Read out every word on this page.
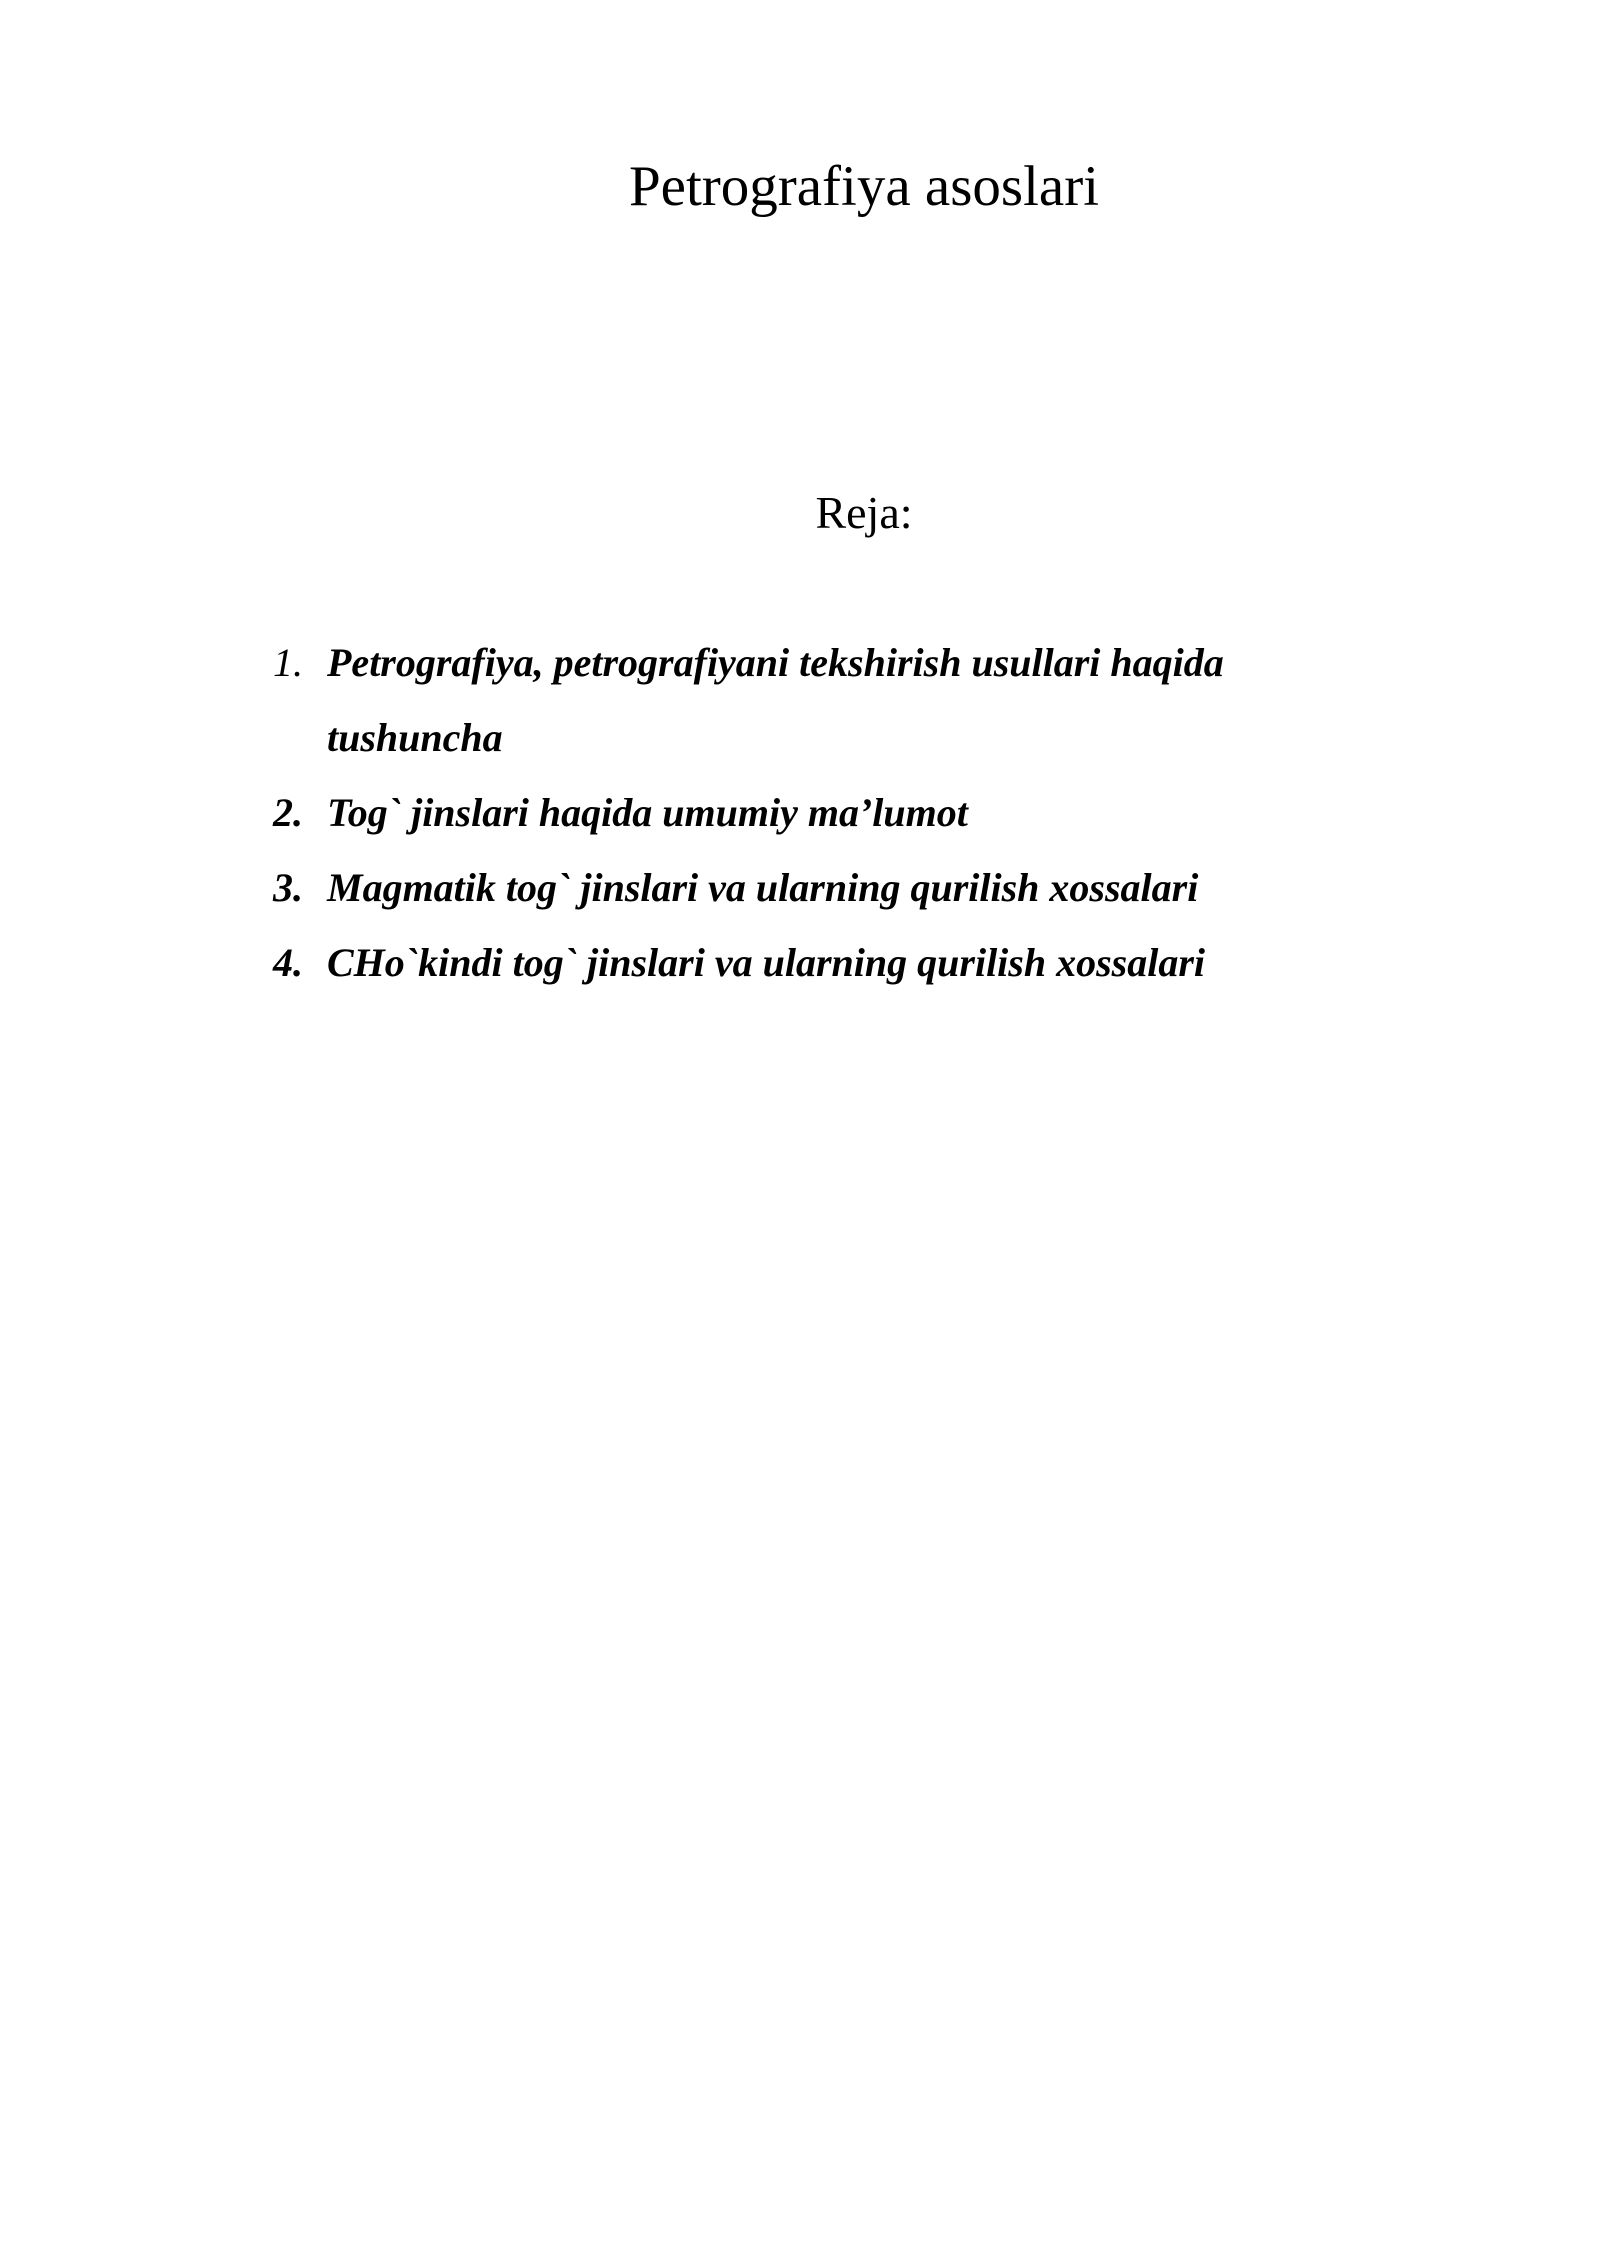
Petrografiya asoslari
Reja:
1. Petrografiya, petrografiyani tekshirish usullari haqida tushuncha
2. Tog` jinslari haqida umumiy ma’lumot
3. Magmatik tog` jinslari va ularning qurilish xossalari
4. CHo`kindi tog` jinslari va ularning qurilish xossalari
